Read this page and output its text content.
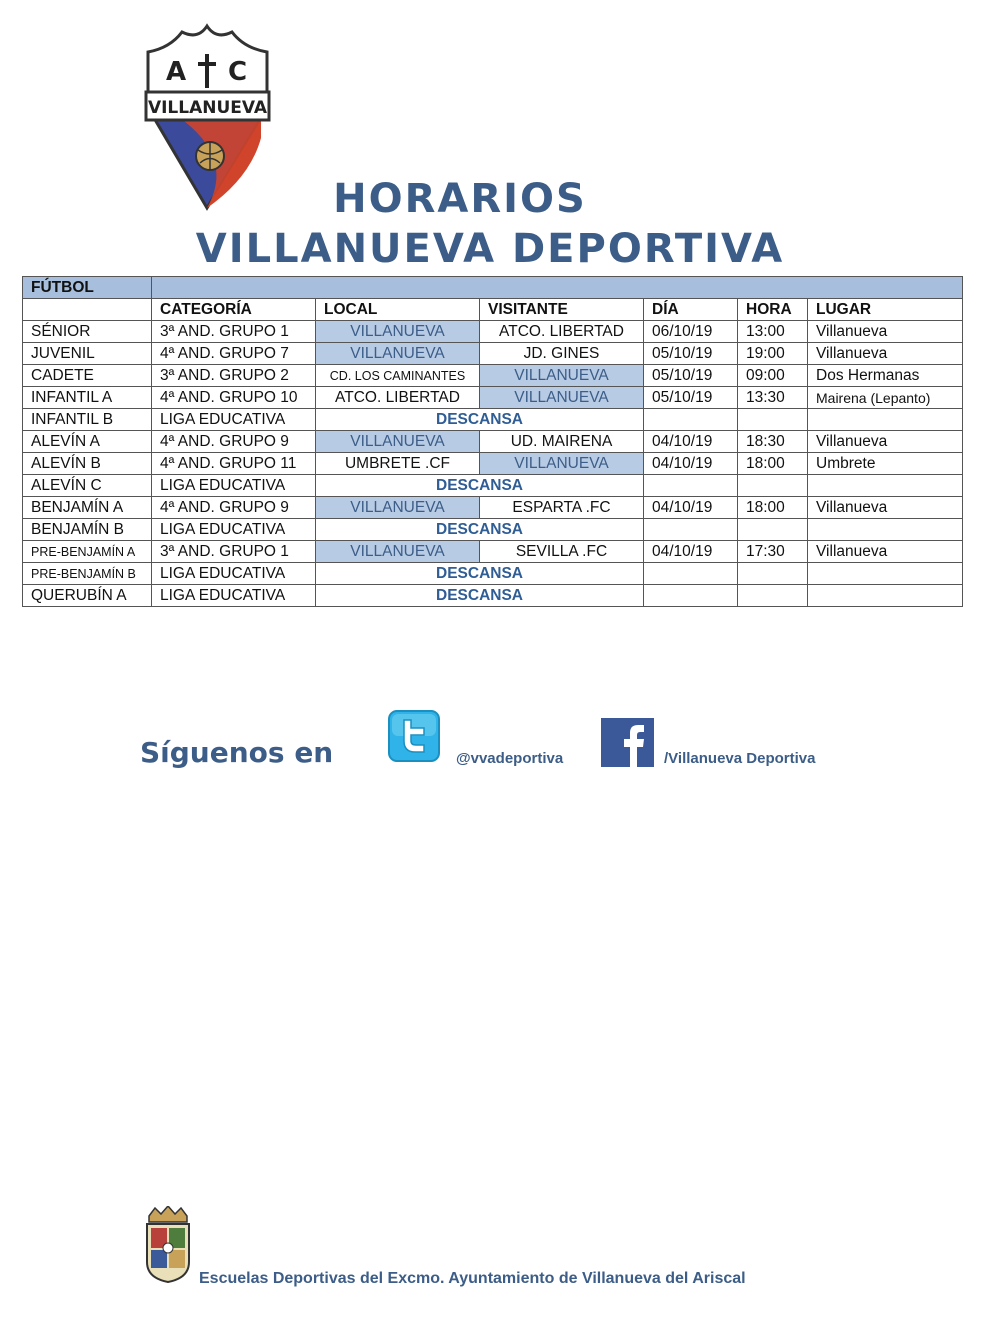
A C
VILLANUEVA
HORARIOS
VILLANUEVA DEPORTIVA
FÚTBOL						
	CATEGORÍA	LOCAL	VISITANTE	DÍA	HORA	LUGAR
SÉNIOR	3ª AND. GRUPO 1	VILLANUEVA	ATCO. LIBERTAD	06/10/19	13:00	Villanueva
JUVENIL	4ª AND. GRUPO 7	VILLANUEVA	JD. GINES	05/10/19	19:00	Villanueva
CADETE	3ª AND. GRUPO 2	CD. LOS CAMINANTES	VILLANUEVA	05/10/19	09:00	Dos Hermanas
INFANTIL A	4ª AND. GRUPO 10	ATCO. LIBERTAD	VILLANUEVA	05/10/19	13:30	Mairena (Lepanto)
INFANTIL B	LIGA EDUCATIVA	DESCANSA				
ALEVÍN A	4ª AND. GRUPO 9	VILLANUEVA	UD. MAIRENA	04/10/19	18:30	Villanueva
ALEVÍN B	4ª AND. GRUPO 11	UMBRETE .CF	VILLANUEVA	04/10/19	18:00	Umbrete
ALEVÍN C	LIGA EDUCATIVA	DESCANSA				
BENJAMÍN A	4ª AND. GRUPO 9	VILLANUEVA	ESPARTA .FC	04/10/19	18:00	Villanueva
BENJAMÍN B	LIGA EDUCATIVA	DESCANSA				
PRE-BENJAMÍN A	3ª AND. GRUPO 1	VILLANUEVA	SEVILLA .FC	04/10/19	17:30	Villanueva
PRE-BENJAMÍN B	LIGA EDUCATIVA	DESCANSA				
QUERUBÍN A	LIGA EDUCATIVA	DESCANSA				
Síguenos en	@vvadeportiva	/Villanueva Deportiva
Escuelas Deportivas del Excmo. Ayuntamiento de Villanueva del Ariscal
